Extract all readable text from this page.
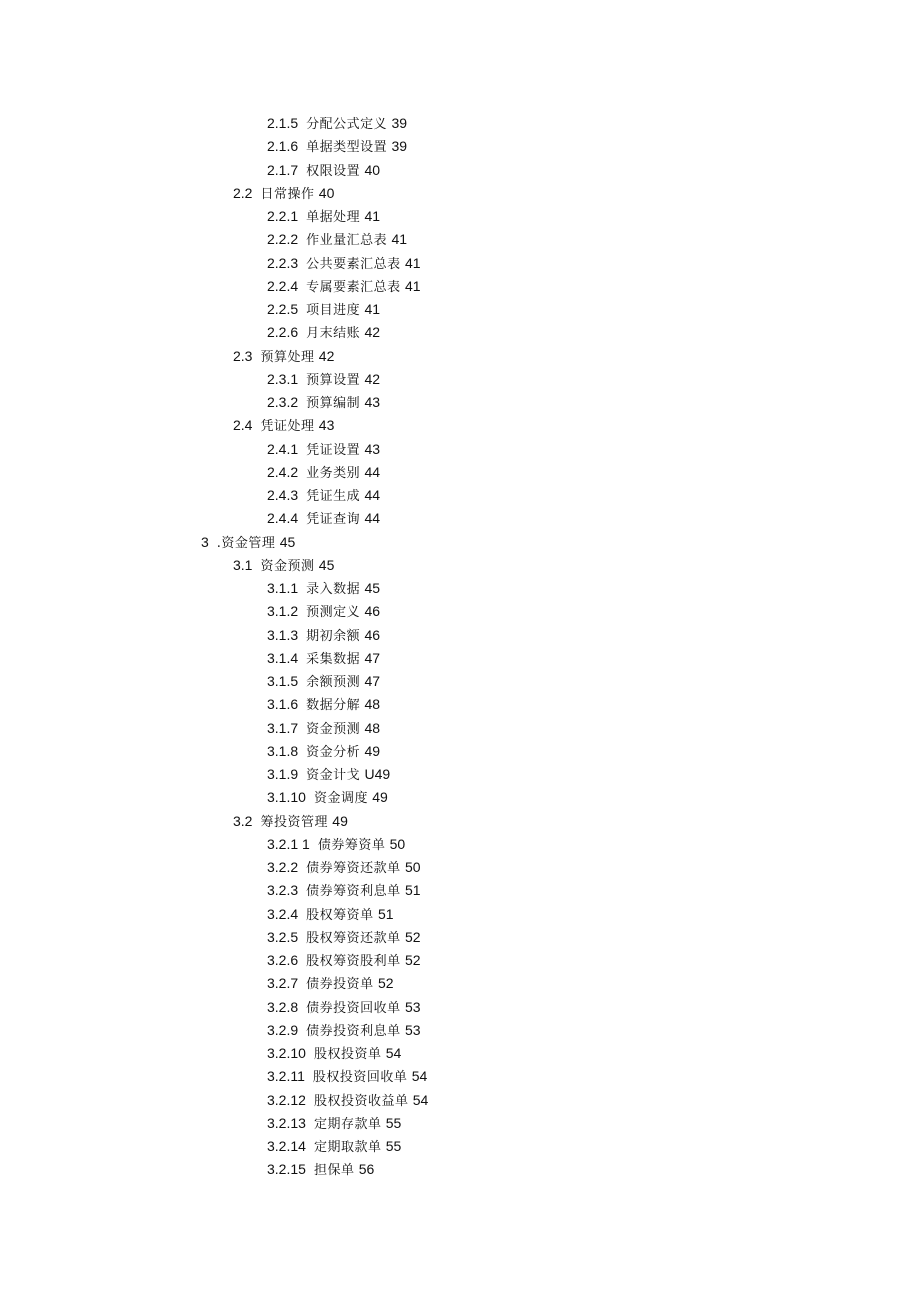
2.1.5 分配公式定义 39
2.1.6 单据类型设置 39
2.1.7 权限设置 40
2.2 日常操作 40
2.2.1 单据处理 41
2.2.2 作业量汇总表 41
2.2.3 公共要素汇总表 41
2.2.4 专属要素汇总表 41
2.2.5 项目进度 41
2.2.6 月末结账 42
2.3 预算处理 42
2.3.1 预算设置 42
2.3.2 预算编制 43
2.4 凭证处理 43
2.4.1 凭证设置 43
2.4.2 业务类别 44
2.4.3 凭证生成 44
2.4.4 凭证查询 44
3 .资金管理 45
3.1 资金预测 45
3.1.1 录入数据 45
3.1.2 预测定义 46
3.1.3 期初余额 46
3.1.4 采集数据 47
3.1.5 余额预测 47
3.1.6 数据分解 48
3.1.7 资金预测 48
3.1.8 资金分析 49
3.1.9 资金计戈 U49
3.1.10 资金调度 49
3.2 筹投资管理 49
3.2.1 1 债券筹资单 50
3.2.2 债券筹资还款单 50
3.2.3 债券筹资利息单 51
3.2.4 股权筹资单 51
3.2.5 股权筹资还款单 52
3.2.6 股权筹资股利单 52
3.2.7 债券投资单 52
3.2.8 债券投资回收单 53
3.2.9 债券投资利息单 53
3.2.10 股权投资单 54
3.2.11 股权投资回收单 54
3.2.12 股权投资收益单 54
3.2.13 定期存款单 55
3.2.14 定期取款单 55
3.2.15 担保单 56
